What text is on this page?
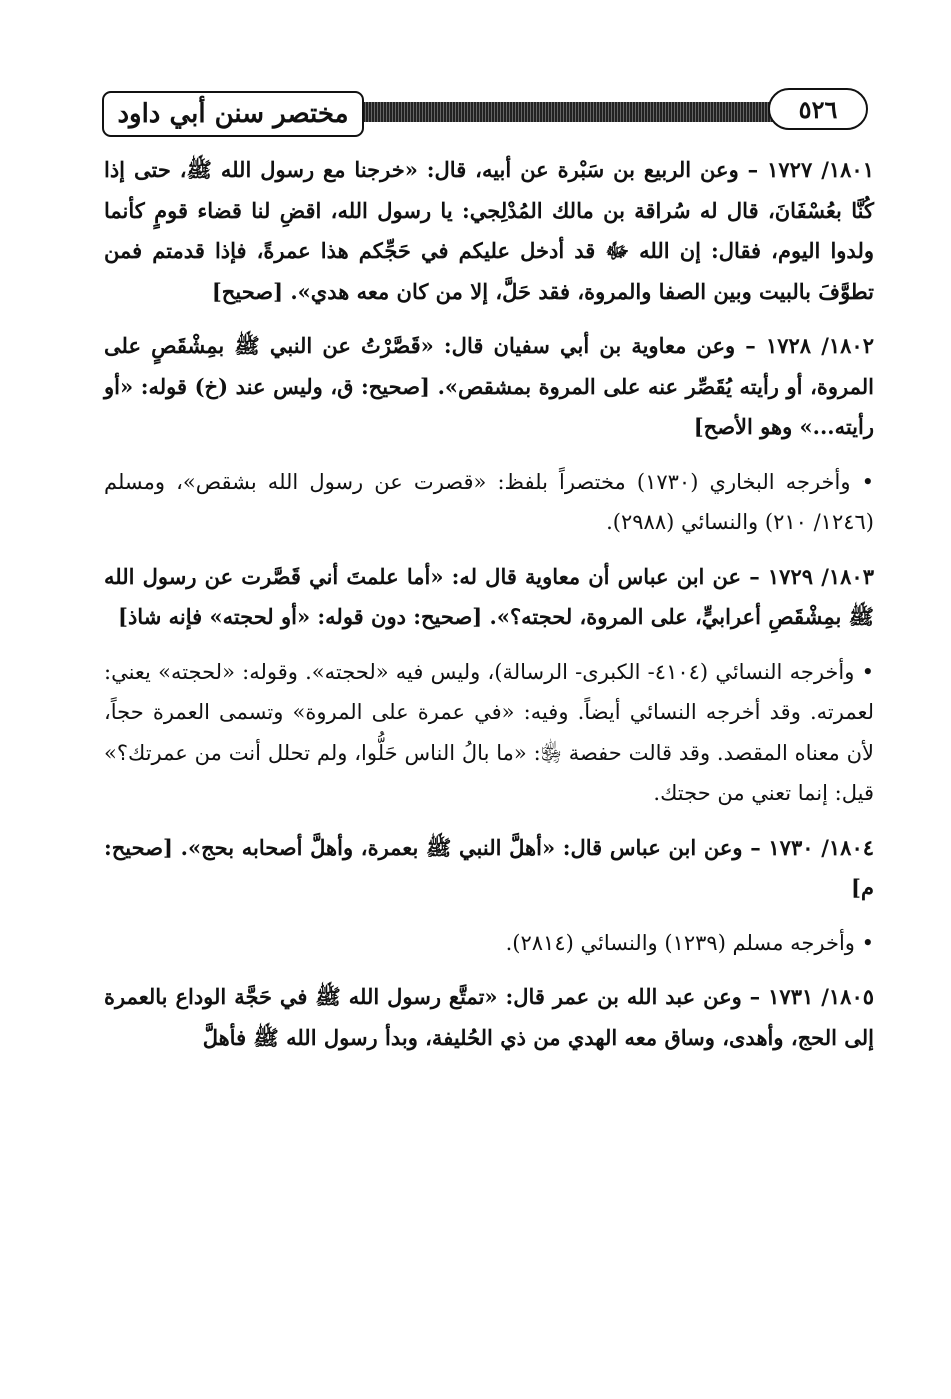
مختصر سنن أبي داود	٥٢٦

١٨٠١/ ١٧٢٧ – وعن الربيع بن سَبْرة عن أبيه، قال: «خرجنا مع رسول الله ﷺ، حتى إذا كُنَّا بعُسْفَانَ، قال له سُراقة بن مالك المُدْلِجي: يا رسول الله، اقضِ لنا قضاء قومٍ كأنما ولدوا اليوم، فقال: إن الله ﷻ قد أدخل عليكم في حَجِّكم هذا عمرةً، فإذا قدمتم فمن تطوَّفَ بالبيت وبين الصفا والمروة، فقد حَلَّ، إلا من كان معه هدي». [صحيح]

١٨٠٢/ ١٧٢٨ – وعن معاوية بن أبي سفيان قال: «قَصَّرْتُ عن النبي ﷺ بمِشْقَصٍ على المروة، أو رأيته يُقَصِّر عنه على المروة بمشقص». [صحيح: ق، وليس عند (خ) قوله: «أو رأيته...» وهو الأصح]

• وأخرجه البخاري (١٧٣٠) مختصراً بلفظ: «قصرت عن رسول الله بشقص»، ومسلم (١٢٤٦/ ٢١٠) والنسائي (٢٩٨٨).

١٨٠٣/ ١٧٢٩ – عن ابن عباس أن معاوية قال له: «أما علمتَ أني قَصَّرت عن رسول الله ﷺ بمِشْقَصِ أعرابيٍّ، على المروة، لحجته؟». [صحيح: دون قوله: «أو لحجته» فإنه شاذ]

• وأخرجه النسائي (٤١٠٤- الكبرى- الرسالة)، وليس فيه «لحجته». وقوله: «لحجته» يعني: لعمرته. وقد أخرجه النسائي أيضاً. وفيه: «في عمرة على المروة» وتسمى العمرة حجاً، لأن معناه المقصد. وقد قالت حفصة ﵂: «ما بالُ الناس حَلُّوا، ولم تحلل أنت من عمرتك؟» قيل: إنما تعني من حجتك.

١٨٠٤/ ١٧٣٠ – وعن ابن عباس قال: «أهلَّ النبي ﷺ بعمرة، وأهلَّ أصحابه بحج». [صحيح: م]

• وأخرجه مسلم (١٢٣٩) والنسائي (٢٨١٤).

١٨٠٥/ ١٧٣١ – وعن عبد الله بن عمر قال: «تمتَّع رسول الله ﷺ في حَجَّة الوداع بالعمرة إلى الحج، وأهدى، وساق معه الهدي من ذي الحُليفة، وبدأ رسول الله ﷺ فأهلَّ
